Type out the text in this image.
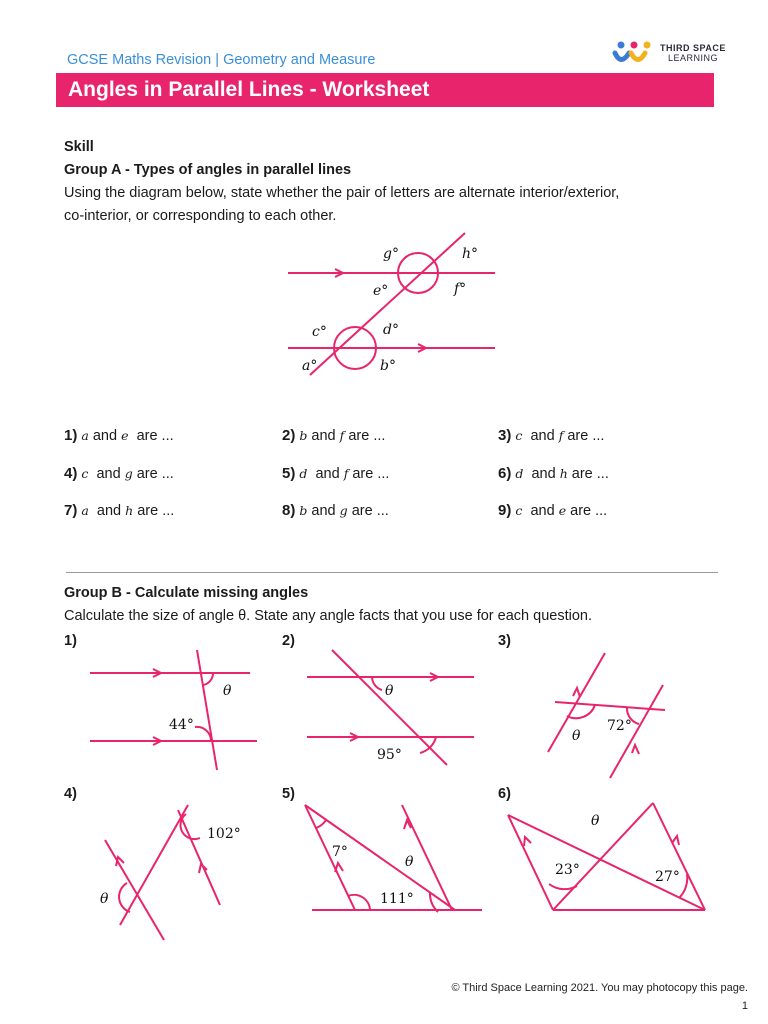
GCSE Maths Revision | Geometry and Measure
THIRD SPACE
LEARNING
Angles in Parallel Lines - Worksheet
Skill
Group A - Types of angles in parallel lines
Using the diagram below, state whether the pair of letters are alternate interior/exterior,
co-interior, or corresponding to each other.
g°	h°
e°	f°
c°	d°
a°	b°
1) a and e are ...	2) b and f are ...	3) c and f are ...
4) c and g are ...	5) d and f are ...	6) d and h are ...
7) a and h are ...	8) b and g are ...	9) c and e are ...
Group B - Calculate missing angles
Calculate the size of angle θ. State any angle facts that you use for each question.
1)	2)	3)
4)	5)	6)
θ
44°
θ
95°
θ
72°
θ
102°
7°
θ
111°
θ
23°	27°
© Third Space Learning 2021. You may photocopy this page.
1
